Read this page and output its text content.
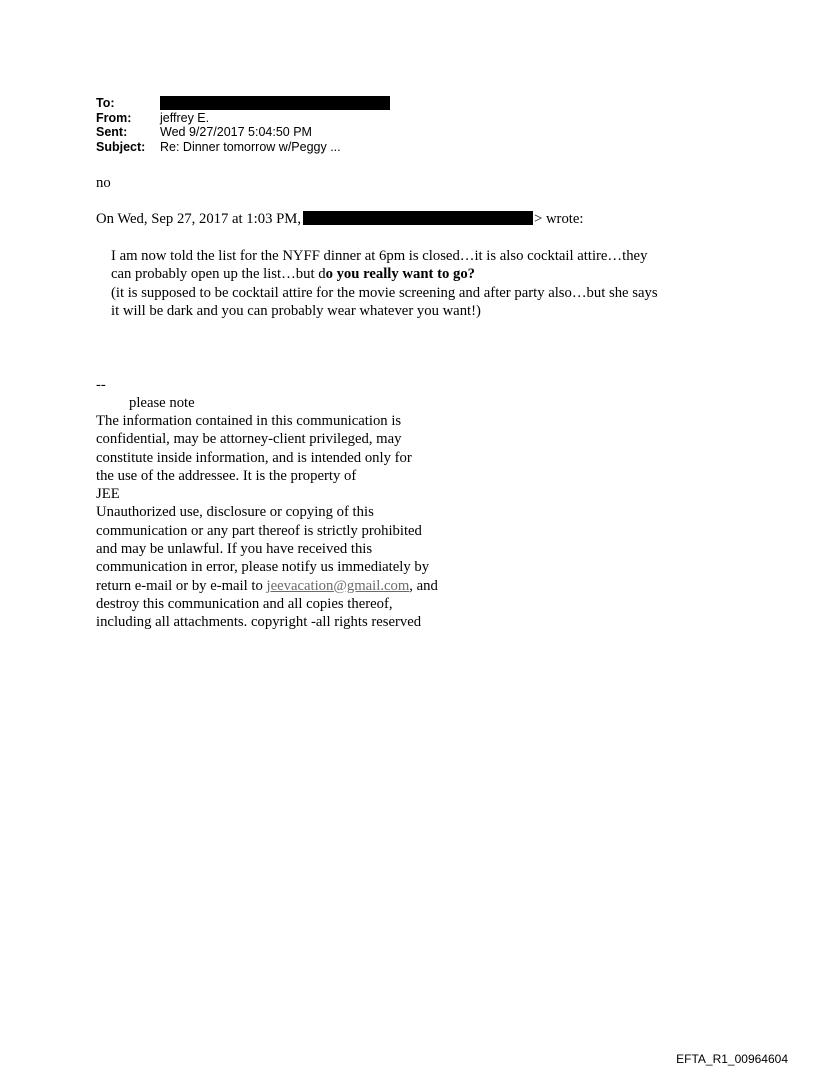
To:
From:	jeffrey E.
Sent:	Wed 9/27/2017 5:04:50 PM
Subject:	Re: Dinner tomorrow w/Peggy ...
no
On Wed, Sep 27, 2017 at 1:03 PM,	> wrote:

I am now told the list for the NYFF dinner at 6pm is closed…it is also cocktail attire…they

can probably open up the list…but do you really want to go?

(it is supposed to be cocktail attire for the movie screening and after party also…but she says

it will be dark and you can probably wear whatever you want!)

--
please note
The information contained in this communication is
confidential, may be attorney-client privileged, may
constitute inside information, and is intended only for
the use of the addressee. It is the property of
JEE
Unauthorized use, disclosure or copying of this
communication or any part thereof is strictly prohibited
and may be unlawful. If you have received this
communication in error, please notify us immediately by
return e-mail or by e-mail to jeevacation@gmail.com, and
destroy this communication and all copies thereof,
including all attachments. copyright -all rights reserved
EFTA_R1_00964604
